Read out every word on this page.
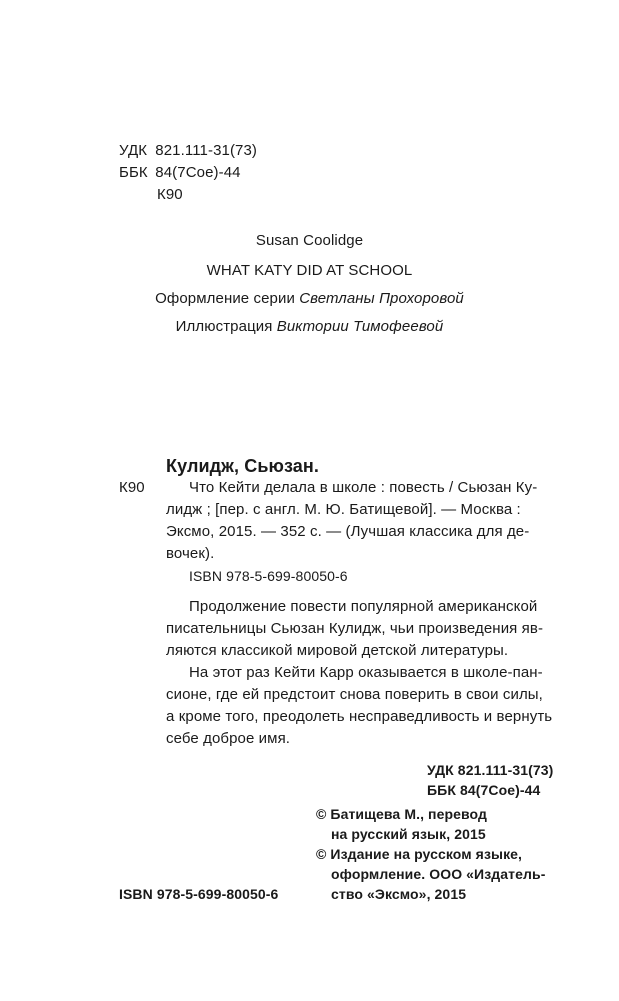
УДК 821.111-31(73)
ББК 84(7Сое)-44
К90
Susan Coolidge
WHAT KATY DID AT SCHOOL
Оформление серии Светланы Прохоровой
Иллюстрация Виктории Тимофеевой
Кулидж, Сьюзан.
К90	Что Кейти делала в школе : повесть / Сьюзан Ку-
лидж ; [пер. с англ. М. Ю. Батищевой]. — Москва :
Эксмо, 2015. — 352 с. — (Лучшая классика для де-
вочек).
ISBN 978-5-699-80050-6
Продолжение повести популярной американской
писательницы Сьюзан Кулидж, чьи произведения яв-
ляются классикой мировой детской литературы.
На этот раз Кейти Карр оказывается в школе-пан-
сионе, где ей предстоит снова поверить в свои силы,
а кроме того, преодолеть несправедливость и вернуть
себе доброе имя.
УДК 821.111-31(73)
ББК 84(7Сое)-44
© Батищева М., перевод
на русский язык, 2015
© Издание на русском языке,
оформление. ООО «Издатель-
ство «Эксмо», 2015
ISBN 978-5-699-80050-6
